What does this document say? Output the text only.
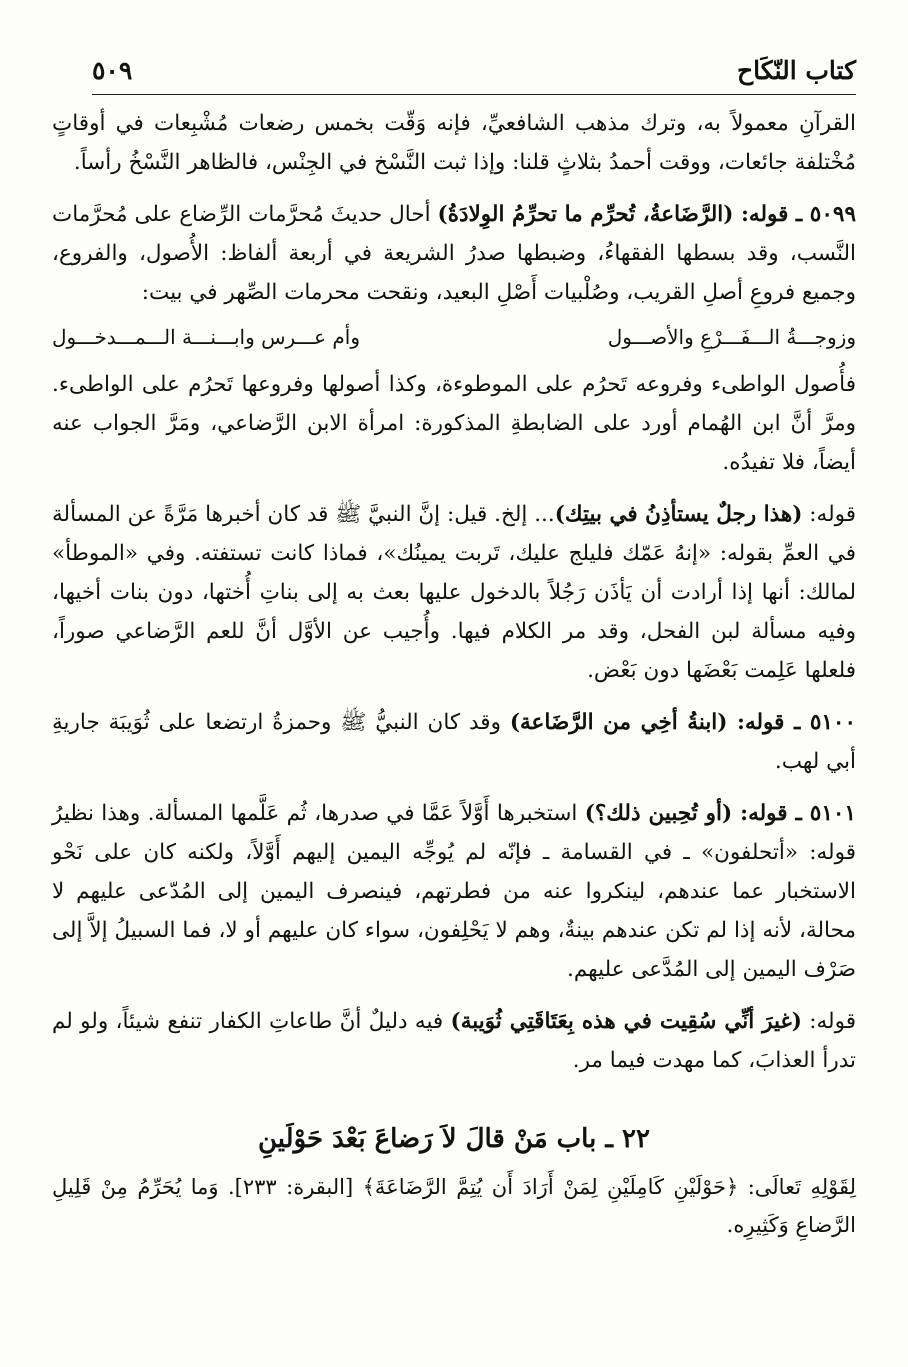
كتاب النّكَاح
٥٠٩

القرآنِ معمولاً به، وترك مذهب الشافعيِّ، فإنه وَقّت بخمس رضعات مُشْبِعات في أوقاتٍ مُخْتلفة جائعات، ووقت أحمدُ بثلاثٍ قلنا: وإذا ثبت النَّسْخ في الجِنْس، فالظاهر النَّسْخُ رأساً.

٥٠٩٩ ـ قوله: (الرَّضَاعةُ، تُحرِّم ما تحرِّمُ الوِلادَةُ) أحال حديثَ مُحرَّمات الرِّضاع على مُحرَّمات النَّسب، وقد بسطها الفقهاءُ، وضبطها صدرُ الشريعة في أربعة ألفاظ: الأُصول، والفروع، وجميع فروعِ أصلِ القريب، وصُلْبيات أَصْلِ البعيد، ونقحت محرمات الصِّهر في بيت:

وزوجـــةُ الـــفَـــرْعِ والأصـــول
وأم عـــرس وابـــنـــة الـــمـــدخـــول

فأُصول الواطىء وفروعه تَحرُم على الموطوءة، وكذا أصولها وفروعها تَحرُم على الواطىء. ومرَّ أنَّ ابن الهُمام أورد على الضابطةِ المذكورة: امرأة الابن الرَّضاعي، ومَرَّ الجواب عنه أيضاً، فلا تفيدُه.

قوله: (هذا رجلٌ يستأذِنُ في بيتِك)... إلخ. قيل: إنَّ النبيَّ ﷺ قد كان أخبرها مَرَّةً عن المسألة في العمِّ بقوله: «إنهُ عَمّك فليلج عليك، تَربت يمينُك»، فماذا كانت تستفته. وفي «الموطأ» لمالك: أنها إذا أرادت أن يَأذَن رَجُلاً بالدخول عليها بعث به إلى بناتِ أُختها، دون بنات أخيها، وفيه مسألة لبن الفحل، وقد مر الكلام فيها. وأُجيب عن الأوَّل أنَّ للعم الرَّضاعي صوراً، فلعلها عَلِمت بَعْضَها دون بَعْض.

٥١٠٠ ـ قوله: (ابنةُ أخِي من الرَّضَاعة) وقد كان النبيُّ ﷺ وحمزةُ ارتضعا على ثُوَيبَة جاريةِ أبي لهب.

٥١٠١ ـ قوله: (أو تُحِبين ذلك؟) استخبرها أَوَّلاً عَمَّا في صدرها، ثُم عَلَّمها المسألة. وهذا نظيرُ قوله: «أتحلفون» ـ في القسامة ـ فإنّه لم يُوجِّه اليمين إليهم أَوَّلاً، ولكنه كان على نَحْو الاستخبار عما عندهم، لينكروا عنه من فطرتهم، فينصرف اليمين إلى المُدّعى عليهم لا محالة، لأنه إذا لم تكن عندهم بينةٌ، وهم لا يَحْلِفون، سواء كان عليهم أو لا، فما السبيلُ إلاَّ إلى صَرْف اليمين إلى المُدَّعى عليهم.

قوله: (غيرَ أنِّي سُقِيت في هذه بِعَتَاقَتِي ثُوَيبة) فيه دليلٌ أنَّ طاعاتِ الكفار تنفع شيئاً، ولو لم تدرأ العذابَ، كما مهدت فيما مر.

٢٢ ـ باب مَنْ قالَ لاَ رَضاعَ بَعْدَ حَوْلَينِ

لِقَوْلِهِ تَعالَى: ﴿حَوْلَيْنِ كَامِلَيْنِ لِمَنْ أَرَادَ أَن يُتِمَّ الرَّضَاعَةَ﴾ [البقرة: ٢٣٣]. وَما يُحَرِّمُ مِنْ قَلِيلِ الرَّضاعِ وَكَثِيرِه.
